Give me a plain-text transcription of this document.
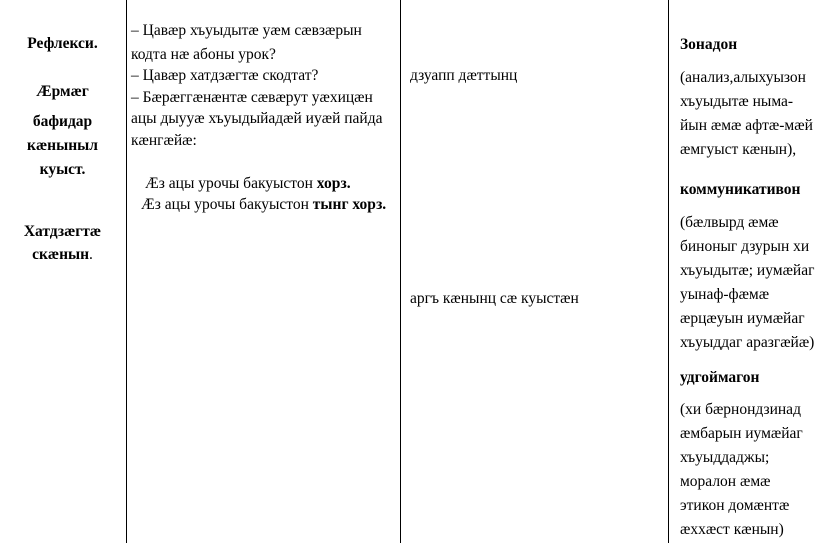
Рефлекси.
Ӕрмæг
бафидар
кæныныл
куыст.
Хатдзæгтæ
скæнын.
– Цавæр хъуыдытæ уæм сæвзæрын
кодта нæ абоны урок?
– Цавæр хатдзæгтæ скодтат?
– Бæрæггæнæнтæ сæвæрут уæхицæн
ацы дыууæ хъуыдыйадæй иуæй пайда
кæнгæйæ:
Ӕз ацы урочы бакуыстон хорз.
Ӕз ацы урочы бакуыстон тынг хорз.
дзуапп дæттынц
аргъ кæнынц сæ куыстæн
Зонадон
(анализ,алыхуызон хъуыдытæ ныма-йын æмæ афтæ-мæй æмгуыст кæнын),
коммуникативон
(бæлвырд æмæ биноныг дзурын хи хъуыдытæ; иумæйаг уынаф-фæмæ æрцæуын иумæйаг хъуыддаг аразгæйæ)
удгоймагон
(хи бæрнондзинад æмбарын иумæйаг хъуыддаджы; моралон æмæ этикон домæнтæ æххæст кæнын)
